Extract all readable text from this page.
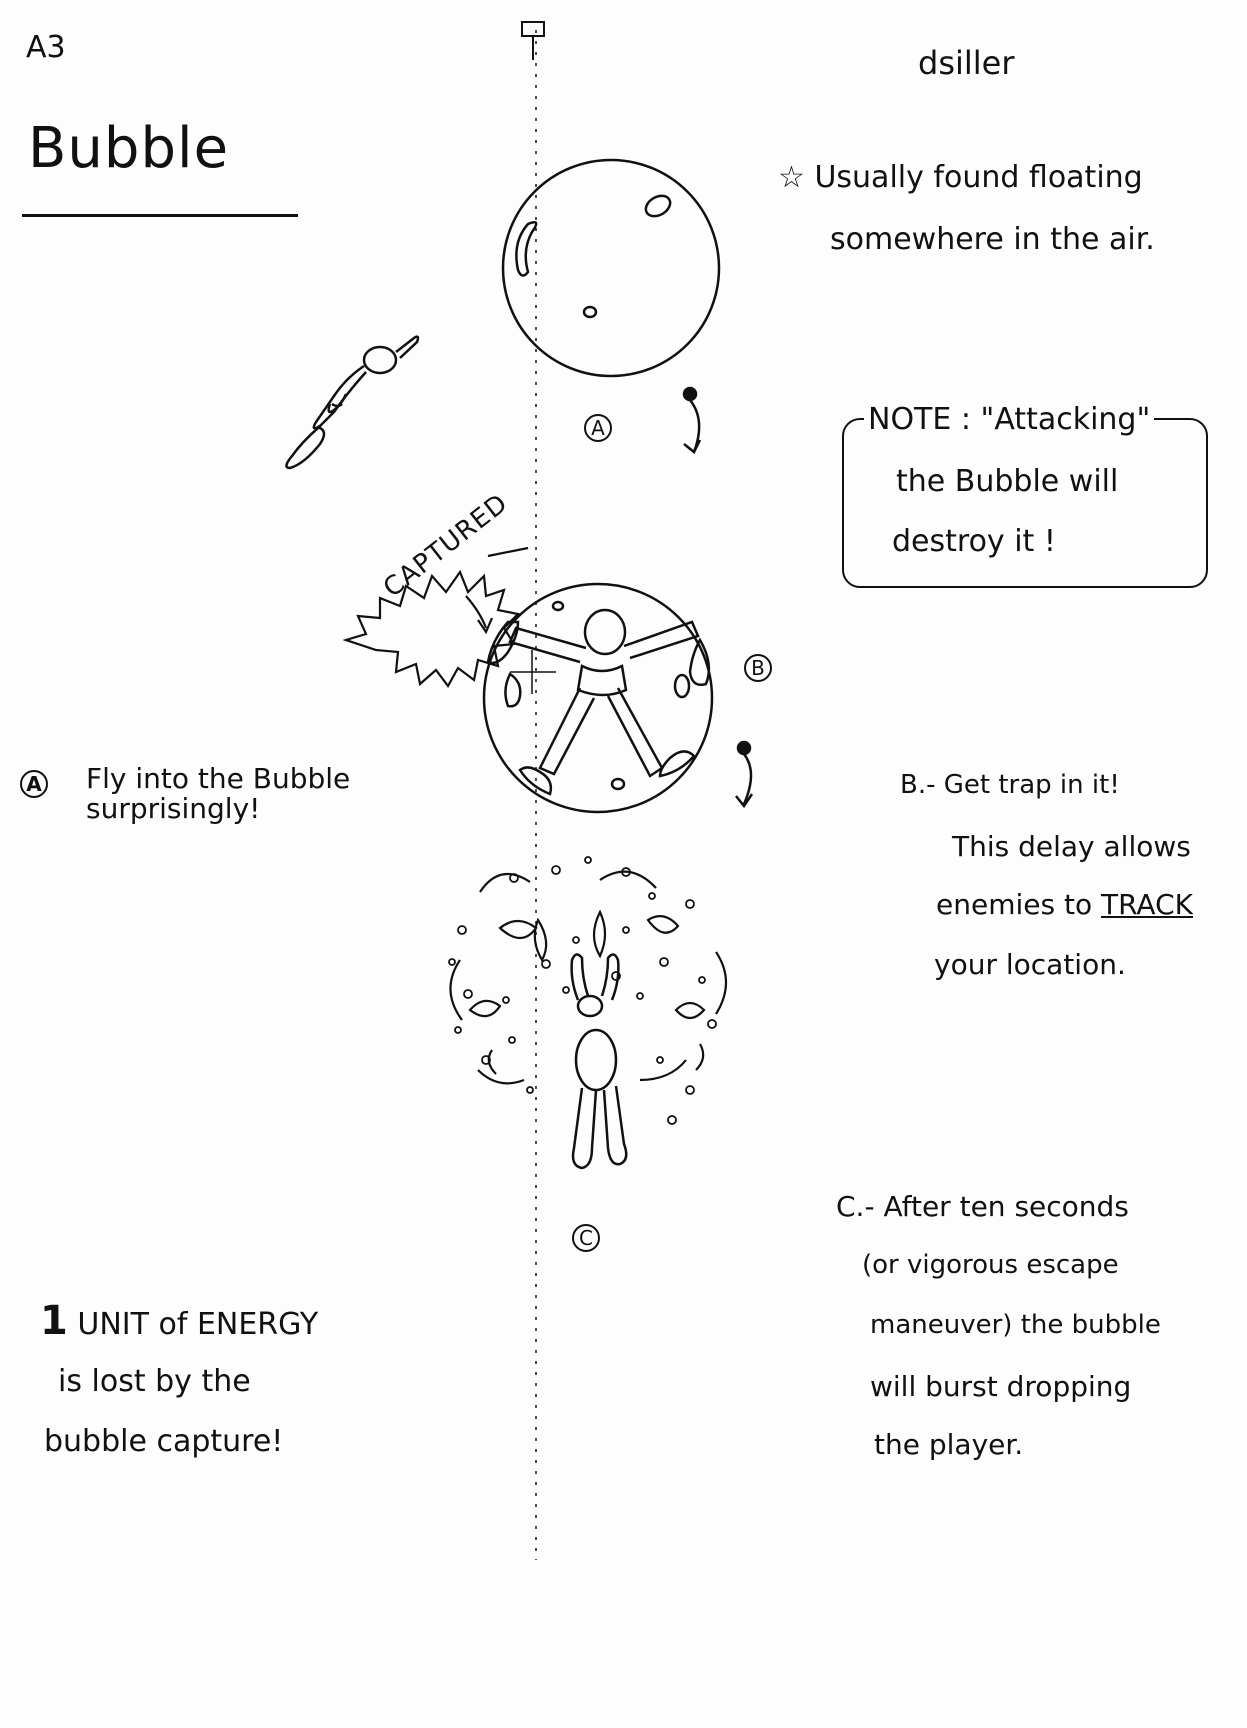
A3	dsiller
Bubble	☆ Usually found floating
somewhere in the air.
NOTE : "Attacking"
the Bubble will
destroy it !
CAPTURED
A
B
C
A Fly into the Bubble
surprisingly!
B.- Get trap in it!
This delay allows
enemies to TRACK
your location.
C.- After ten seconds
(or vigorous escape
maneuver) the bubble
will burst dropping
the player.
1 UNIT of ENERGY
is lost by the
bubble capture!
